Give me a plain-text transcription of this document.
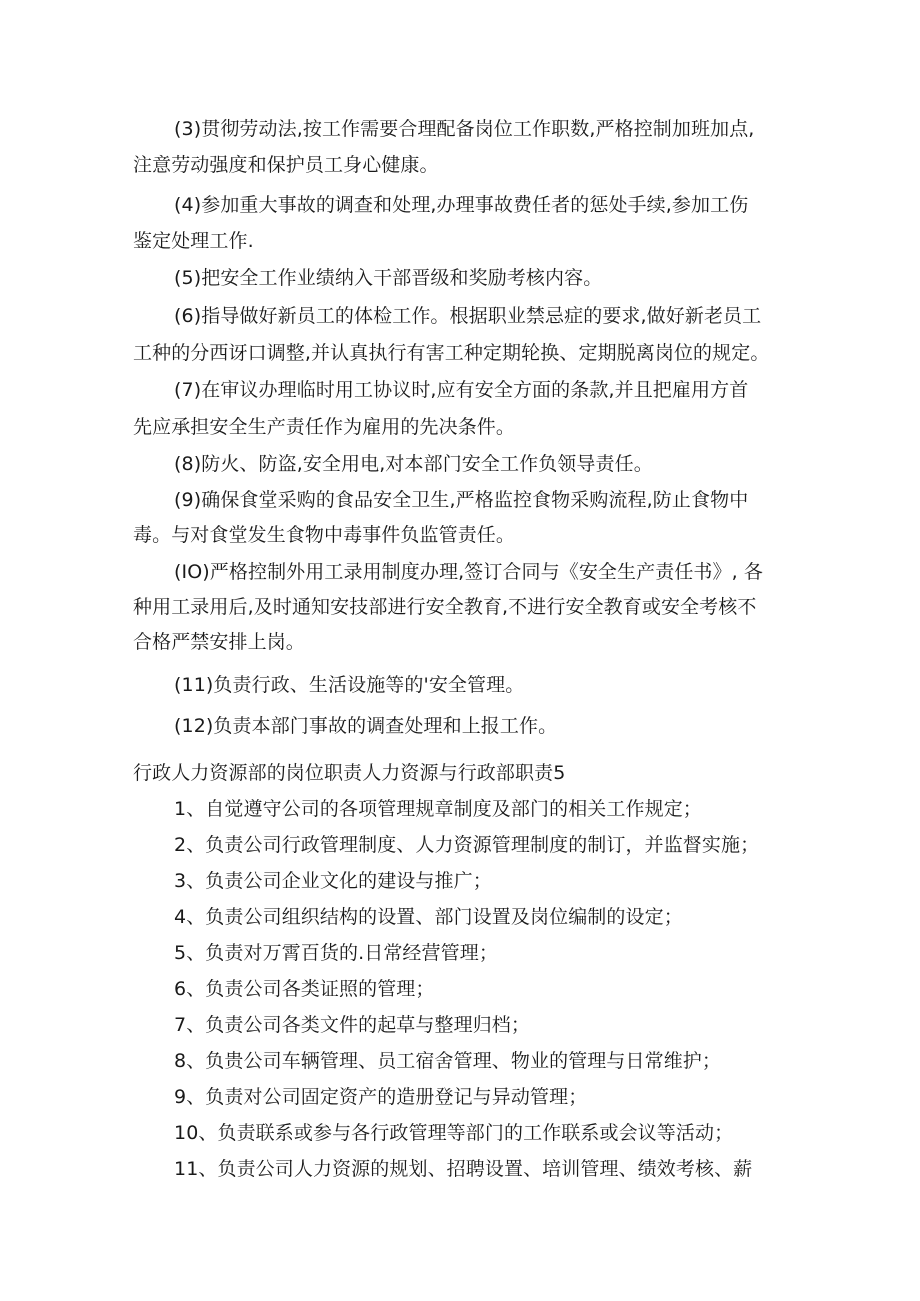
(3)贯彻劳动法,按工作需要合理配备岗位工作职数,严格控制加班加点,
注意劳动强度和保护员工身心健康。
(4)参加重大事故的调查和处理,办理事故费任者的惩处手续,参加工伤
鉴定处理工作.
(5)把安全工作业绩纳入干部晋级和奖励考核内容。
(6)指导做好新员工的体检工作。根据职业禁忌症的要求,做好新老员工
工种的分西讶口调整,并认真执行有害工种定期轮换、定期脱离岗位的规定。
(7)在审议办理临时用工协议时,应有安全方面的条款,并且把雇用方首
先应承担安全生产责任作为雇用的先决条件。
(8)防火、防盗,安全用电,对本部门安全工作负领导责任。
(9)确保食堂采购的食品安全卫生,严格监控食物采购流程,防止食物中
毒。与对食堂发生食物中毒事件负监管责任。
(IO)严格控制外用工录用制度办理,签订合同与《安全生产责任书》, 各
种用工录用后,及时通知安技部进行安全教育,不进行安全教育或安全考核不
合格严禁安排上岗。
(11)负责行政、生活设施等的'安全管理。
(12)负责本部门事故的调查处理和上报工作。
行政人力资源部的岗位职责人力资源与行政部职责5
1、自觉遵守公司的各项管理规章制度及部门的相关工作规定；
2、负责公司行政管理制度、人力资源管理制度的制订，并监督实施；
3、负责公司企业文化的建设与推广；
4、负责公司组织结构的设置、部门设置及岗位编制的设定；
5、负责对万霄百货的.日常经营管理；
6、负责公司各类证照的管理；
7、负责公司各类文件的起草与整理归档；
8、负贵公司车辆管理、员工宿舍管理、物业的管理与日常维护；
9、负责对公司固定资产的造册登记与异动管理；
10、负责联系或参与各行政管理等部门的工作联系或会议等活动；
11、负责公司人力资源的规划、招聘设置、培训管理、绩效考核、薪
